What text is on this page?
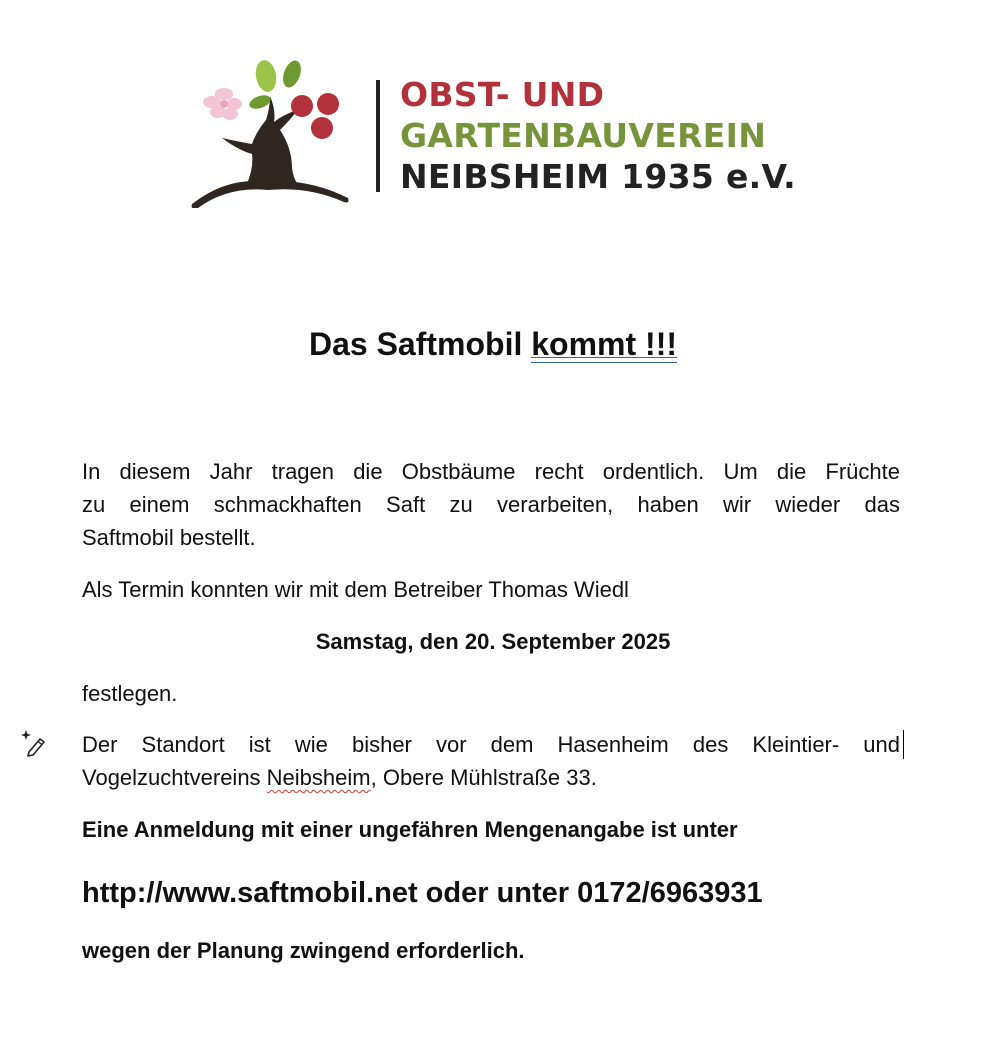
OBST- UND
GARTENBAUVEREIN
NEIBSHEIM 1935 e.V.
Das Saftmobil kommt !!!
In diesem Jahr tragen die Obstbäume recht ordentlich. Um die Früchte
zu einem schmackhaften Saft zu verarbeiten, haben wir wieder das
Saftmobil bestellt.
Als Termin konnten wir mit dem Betreiber Thomas Wiedl
Samstag, den 20. September 2025
festlegen.
Der Standort ist wie bisher vor dem Hasenheim des Kleintier- und
Vogelzuchtvereins Neibsheim, Obere Mühlstraße 33.
Eine Anmeldung mit einer ungefähren Mengenangabe ist unter
http://www.saftmobil.net oder unter 0172/6963931
wegen der Planung zwingend erforderlich.
